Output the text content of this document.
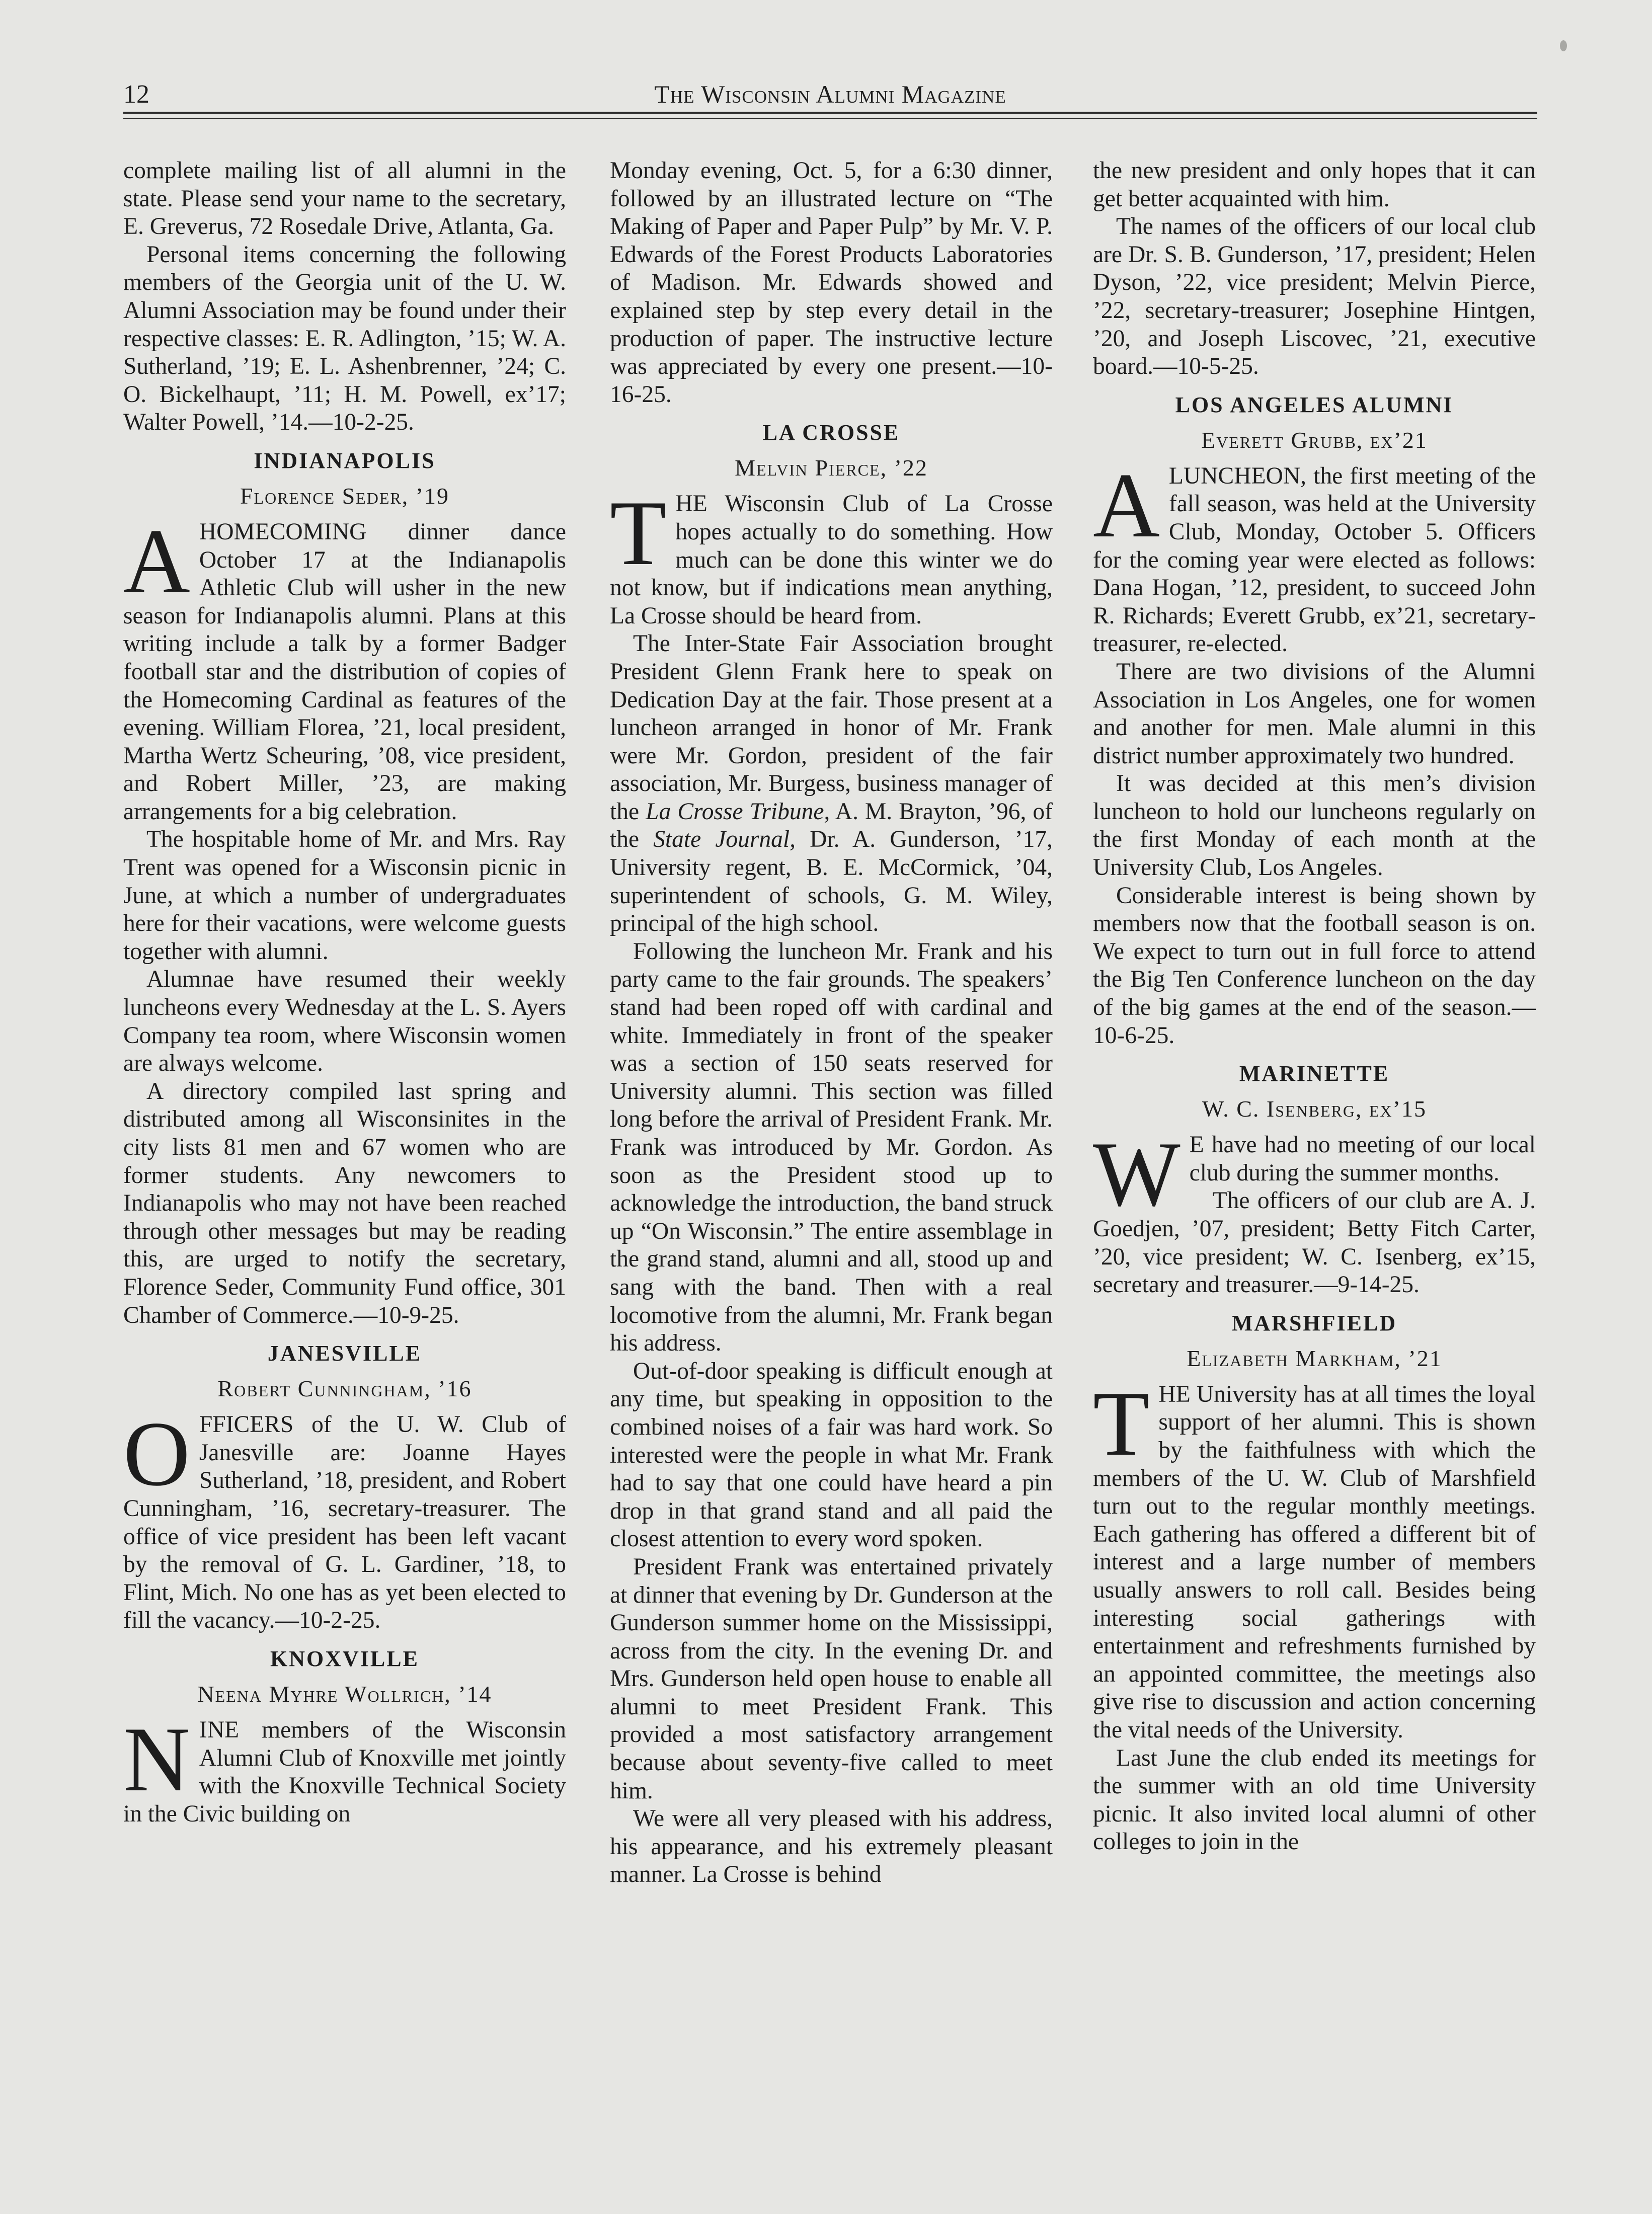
12	The Wisconsin Alumni Magazine

complete mailing list of all alumni in the state. Please send your name to the secretary, E. Greverus, 72 Rosedale Drive, Atlanta, Ga.

Personal items concerning the following members of the Georgia unit of the U. W. Alumni Association may be found under their respective classes: E. R. Adlington, ’15; W. A. Sutherland, ’19; E. L. Ashenbrenner, ’24; C. O. Bickelhaupt, ’11; H. M. Powell, ex’17; Walter Powell, ’14.—10-2-25.

INDIANAPOLIS
Florence Seder, ’19

AHOMECOMING dinner dance October 17 at the Indianapolis Athletic Club will usher in the new season for Indianapolis alumni. Plans at this writing include a talk by a former Badger football star and the distribution of copies of the Homecoming Cardinal as features of the evening. William Florea, ’21, local president, Martha Wertz Scheuring, ’08, vice president, and Robert Miller, ’23, are making arrangements for a big celebration.

The hospitable home of Mr. and Mrs. Ray Trent was opened for a Wisconsin picnic in June, at which a number of undergraduates here for their vacations, were welcome guests together with alumni.

Alumnae have resumed their weekly luncheons every Wednesday at the L. S. Ayers Company tea room, where Wisconsin women are always welcome.

A directory compiled last spring and distributed among all Wisconsinites in the city lists 81 men and 67 women who are former students. Any newcomers to Indianapolis who may not have been reached through other messages but may be reading this, are urged to notify the secretary, Florence Seder, Community Fund office, 301 Chamber of Commerce.—10-9-25.

JANESVILLE
Robert Cunningham, ’16

OFFICERS of the U. W. Club of Janesville are: Joanne Hayes Sutherland, ’18, president, and Robert Cunningham, ’16, secretary-treasurer. The office of vice president has been left vacant by the removal of G. L. Gardiner, ’18, to Flint, Mich. No one has as yet been elected to fill the vacancy.—10-2-25.

KNOXVILLE
Neena Myhre Wollrich, ’14

NINE members of the Wisconsin Alumni Club of Knoxville met jointly with the Knoxville Technical Society in the Civic building on

Monday evening, Oct. 5, for a 6:30 dinner, followed by an illustrated lecture on “The Making of Paper and Paper Pulp” by Mr. V. P. Edwards of the Forest Products Laboratories of Madison. Mr. Edwards showed and explained step by step every detail in the production of paper. The instructive lecture was appreciated by every one present.—10-16-25.

LA CROSSE
Melvin Pierce, ’22

THE Wisconsin Club of La Crosse hopes actually to do something. How much can be done this winter we do not know, but if indications mean anything, La Crosse should be heard from.

The Inter-State Fair Association brought President Glenn Frank here to speak on Dedication Day at the fair. Those present at a luncheon arranged in honor of Mr. Frank were Mr. Gordon, president of the fair association, Mr. Burgess, business manager of the La Crosse Tribune, A. M. Brayton, ’96, of the State Journal, Dr. A. Gunderson, ’17, University regent, B. E. McCormick, ’04, superintendent of schools, G. M. Wiley, principal of the high school.

Following the luncheon Mr. Frank and his party came to the fair grounds. The speakers’ stand had been roped off with cardinal and white. Immediately in front of the speaker was a section of 150 seats reserved for University alumni. This section was filled long before the arrival of President Frank. Mr. Frank was introduced by Mr. Gordon. As soon as the President stood up to acknowledge the introduction, the band struck up “On Wisconsin.” The entire assemblage in the grand stand, alumni and all, stood up and sang with the band. Then with a real locomotive from the alumni, Mr. Frank began his address.

Out-of-door speaking is difficult enough at any time, but speaking in opposition to the combined noises of a fair was hard work. So interested were the people in what Mr. Frank had to say that one could have heard a pin drop in that grand stand and all paid the closest attention to every word spoken.

President Frank was entertained privately at dinner that evening by Dr. Gunderson at the Gunderson summer home on the Mississippi, across from the city. In the evening Dr. and Mrs. Gunderson held open house to enable all alumni to meet President Frank. This provided a most satisfactory arrangement because about seventy-five called to meet him.

We were all very pleased with his address, his appearance, and his extremely pleasant manner. La Crosse is behind

the new president and only hopes that it can get better acquainted with him.

The names of the officers of our local club are Dr. S. B. Gunderson, ’17, president; Helen Dyson, ’22, vice president; Melvin Pierce, ’22, secretary-treasurer; Josephine Hintgen, ’20, and Joseph Liscovec, ’21, executive board.—10-5-25.

LOS ANGELES ALUMNI
Everett Grubb, ex’21

ALUNCHEON, the first meeting of the fall season, was held at the University Club, Monday, October 5. Officers for the coming year were elected as follows: Dana Hogan, ’12, president, to succeed John R. Richards; Everett Grubb, ex’21, secretary-treasurer, re-elected.

There are two divisions of the Alumni Association in Los Angeles, one for women and another for men. Male alumni in this district number approximately two hundred.

It was decided at this men’s division luncheon to hold our luncheons regularly on the first Monday of each month at the University Club, Los Angeles.

Considerable interest is being shown by members now that the football season is on. We expect to turn out in full force to attend the Big Ten Conference luncheon on the day of the big games at the end of the season.—10-6-25.

MARINETTE
W. C. Isenberg, ex’15

W E have had no meeting of our local club during the summer months.

The officers of our club are A. J. Goedjen, ’07, president; Betty Fitch Carter, ’20, vice president; W. C. Isenberg, ex’15, secretary and treasurer.—9-14-25.

MARSHFIELD
Elizabeth Markham, ’21

THE University has at all times the loyal support of her alumni. This is shown by the faithfulness with which the members of the U. W. Club of Marshfield turn out to the regular monthly meetings. Each gathering has offered a different bit of interest and a large number of members usually answers to roll call. Besides being interesting social gatherings with entertainment and refreshments furnished by an appointed committee, the meetings also give rise to discussion and action concerning the vital needs of the University.

Last June the club ended its meetings for the summer with an old time University picnic. It also invited local alumni of other colleges to join in the
